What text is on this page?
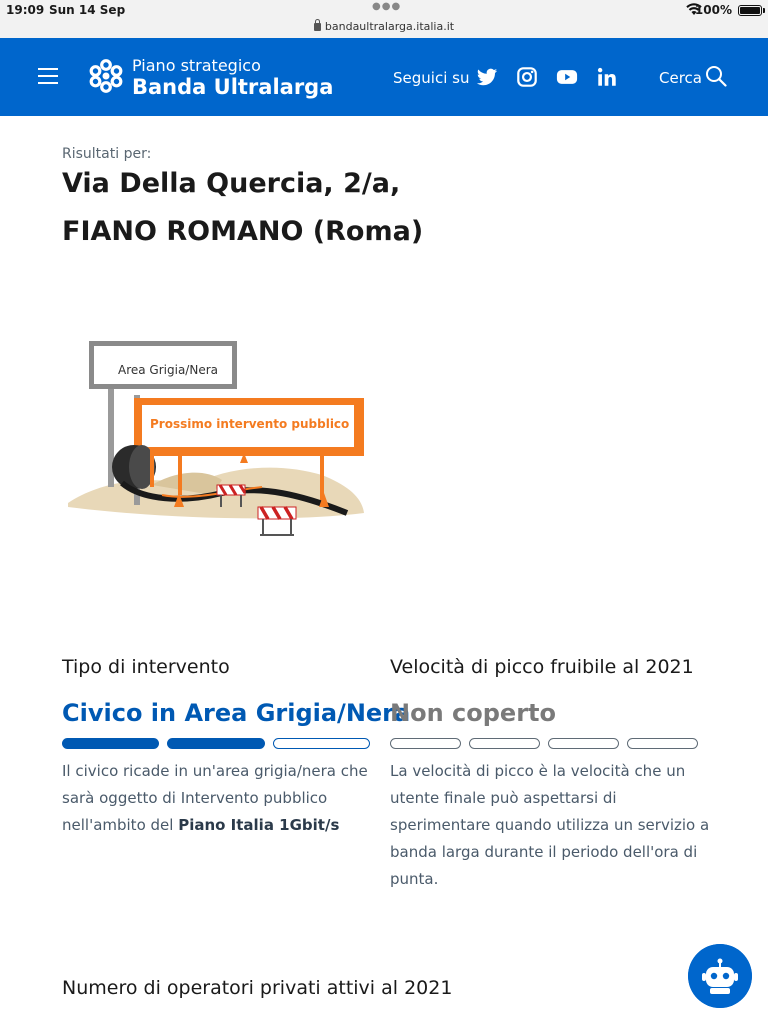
19:09 Sun 14 Sep	●●●	100%
bandaultralarga.italia.it
Piano strategico
Banda Ultralarga	Seguici su	Cerca
Risultati per:
Via Della Quercia, 2/a,
FIANO ROMANO (Roma)
Area Grigia/Nera
Prossimo intervento pubblico
Tipo di intervento
Civico in Area Grigia/Nera
Il civico ricade in un'area grigia/nera che sarà oggetto di Intervento pubblico nell'ambito del Piano Italia 1Gbit/s
Velocità di picco fruibile al 2021
Non coperto
La velocità di picco è la velocità che un utente finale può aspettarsi di sperimentare quando utilizza un servizio a banda larga durante il periodo dell'ora di punta.
Numero di operatori privati attivi al 2021
